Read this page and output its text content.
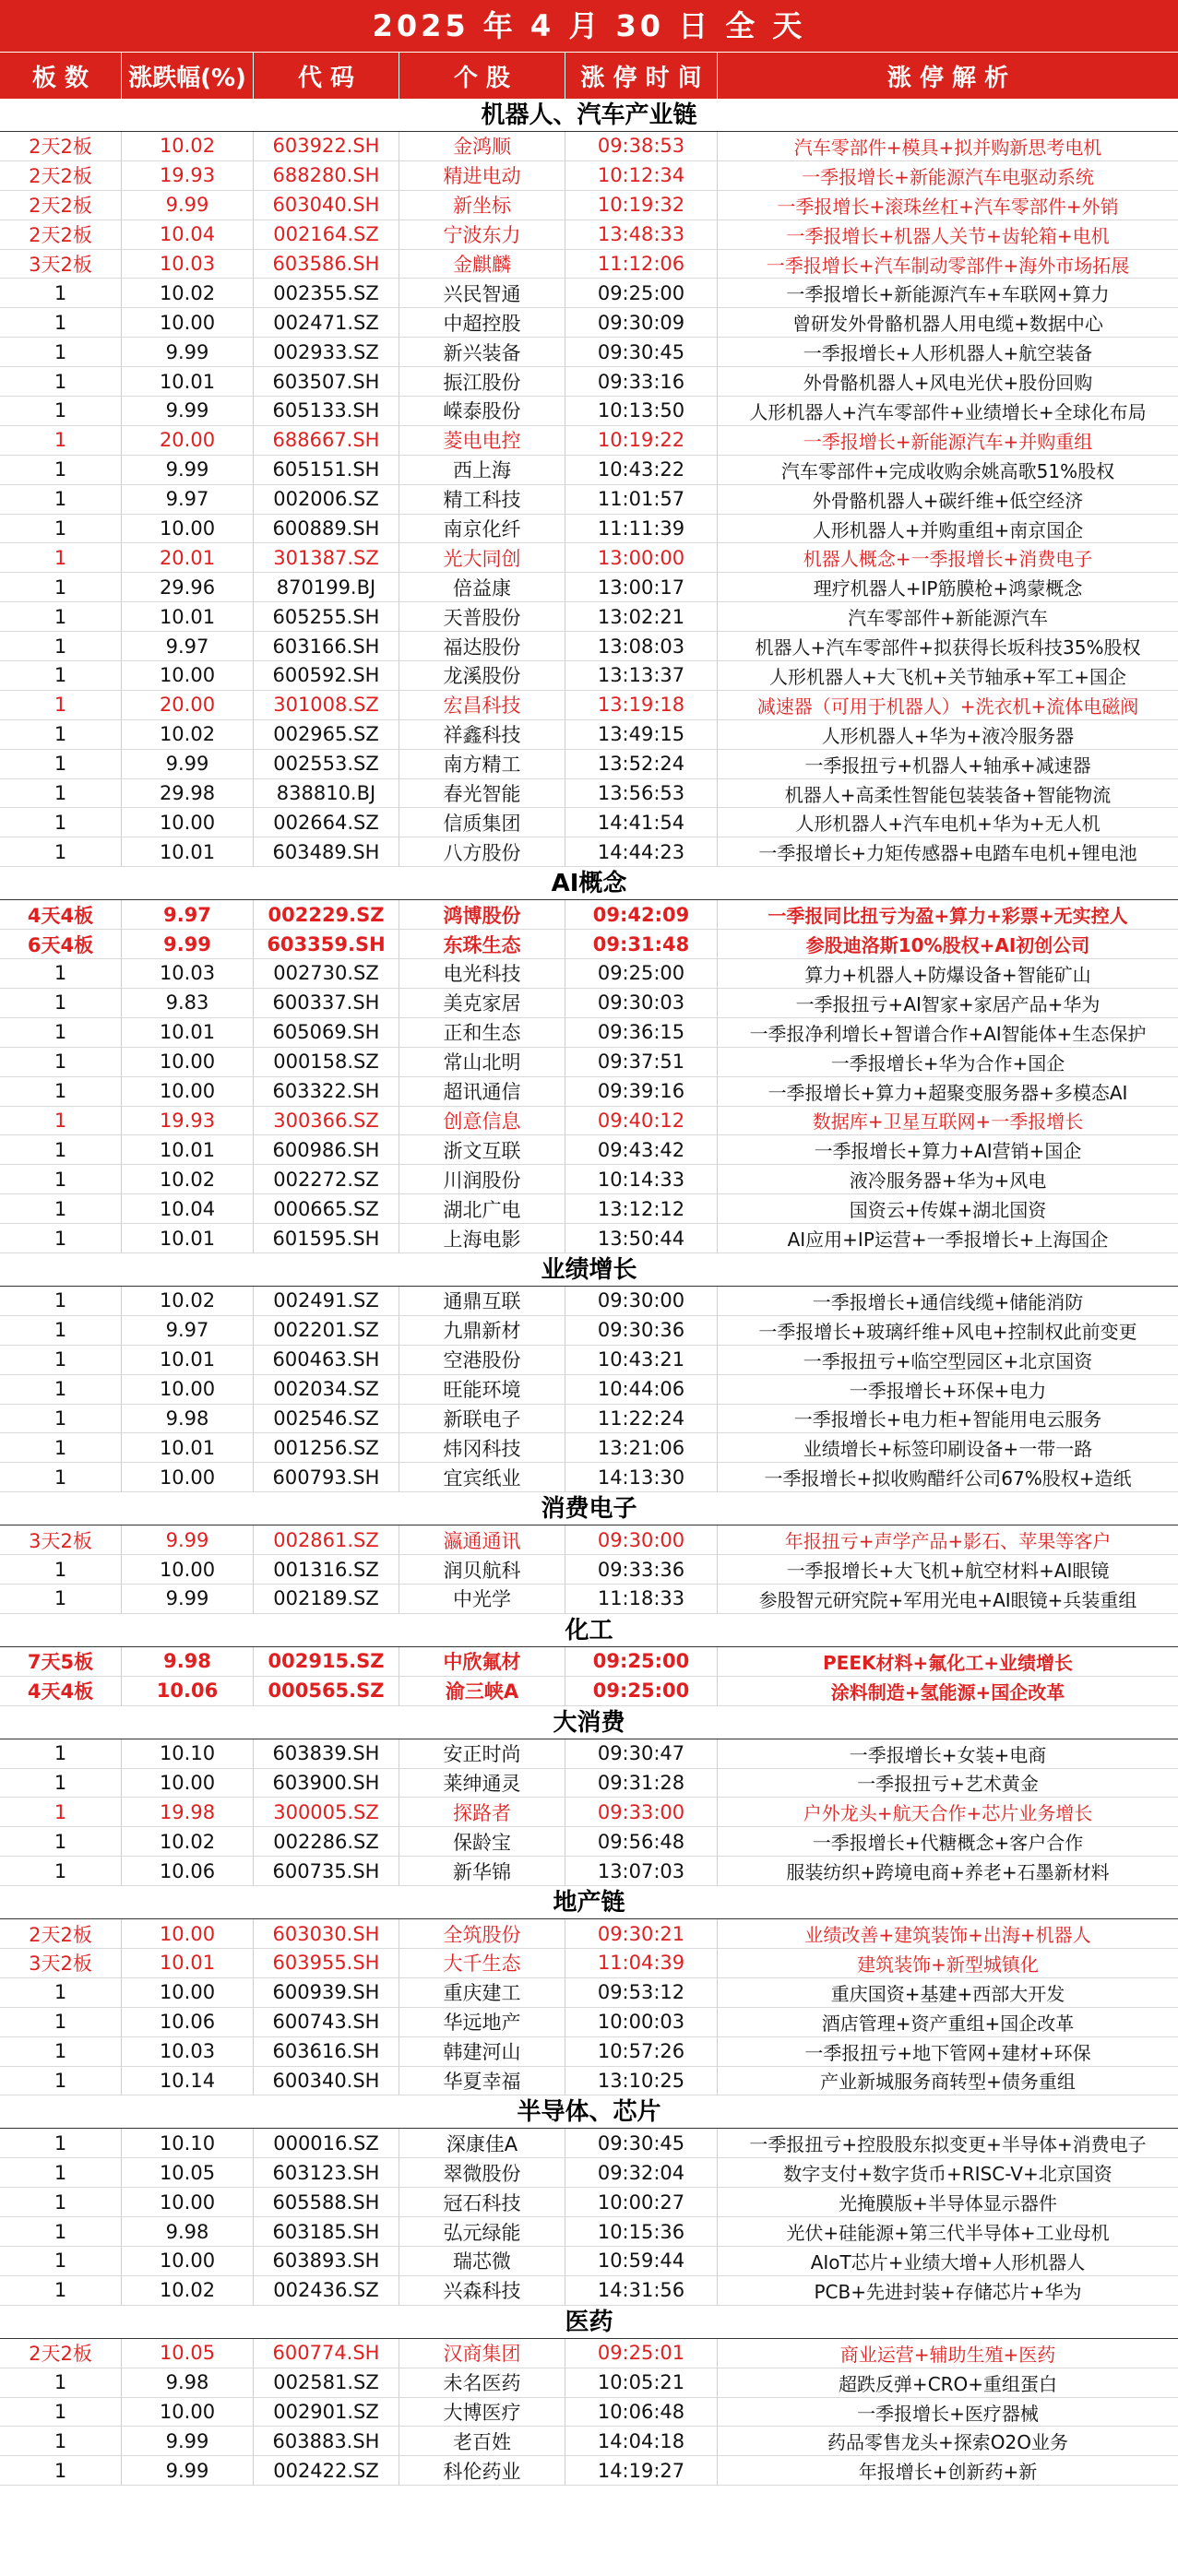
2025 年 4 月 30 日 全 天
板 数	涨跌幅(%)	代 码	个 股	涨 停 时 间	涨 停 解 析
机器人、汽车产业链
2天2板	10.02	603922.SH	金鸿顺	09:38:53	汽车零部件+模具+拟并购新思考电机
2天2板	19.93	688280.SH	精进电动	10:12:34	一季报增长+新能源汽车电驱动系统
2天2板	9.99	603040.SH	新坐标	10:19:32	一季报增长+滚珠丝杠+汽车零部件+外销
2天2板	10.04	002164.SZ	宁波东力	13:48:33	一季报增长+机器人关节+齿轮箱+电机
3天2板	10.03	603586.SH	金麒麟	11:12:06	一季报增长+汽车制动零部件+海外市场拓展
1	10.02	002355.SZ	兴民智通	09:25:00	一季报增长+新能源汽车+车联网+算力
1	10.00	002471.SZ	中超控股	09:30:09	曾研发外骨骼机器人用电缆+数据中心
1	9.99	002933.SZ	新兴装备	09:30:45	一季报增长+人形机器人+航空装备
1	10.01	603507.SH	振江股份	09:33:16	外骨骼机器人+风电光伏+股份回购
1	9.99	605133.SH	嵘泰股份	10:13:50	人形机器人+汽车零部件+业绩增长+全球化布局
1	20.00	688667.SH	菱电电控	10:19:22	一季报增长+新能源汽车+并购重组
1	9.99	605151.SH	西上海	10:43:22	汽车零部件+完成收购余姚高歌51%股权
1	9.97	002006.SZ	精工科技	11:01:57	外骨骼机器人+碳纤维+低空经济
1	10.00	600889.SH	南京化纤	11:11:39	人形机器人+并购重组+南京国企
1	20.01	301387.SZ	光大同创	13:00:00	机器人概念+一季报增长+消费电子
1	29.96	870199.BJ	倍益康	13:00:17	理疗机器人+IP筋膜枪+鸿蒙概念
1	10.01	605255.SH	天普股份	13:02:21	汽车零部件+新能源汽车
1	9.97	603166.SH	福达股份	13:08:03	机器人+汽车零部件+拟获得长坂科技35%股权
1	10.00	600592.SH	龙溪股份	13:13:37	人形机器人+大飞机+关节轴承+军工+国企
1	20.00	301008.SZ	宏昌科技	13:19:18	减速器（可用于机器人）+洗衣机+流体电磁阀
1	10.02	002965.SZ	祥鑫科技	13:49:15	人形机器人+华为+液冷服务器
1	9.99	002553.SZ	南方精工	13:52:24	一季报扭亏+机器人+轴承+减速器
1	29.98	838810.BJ	春光智能	13:56:53	机器人+高柔性智能包装装备+智能物流
1	10.00	002664.SZ	信质集团	14:41:54	人形机器人+汽车电机+华为+无人机
1	10.01	603489.SH	八方股份	14:44:23	一季报增长+力矩传感器+电踏车电机+锂电池
AI概念
4天4板	9.97	002229.SZ	鸿博股份	09:42:09	一季报同比扭亏为盈+算力+彩票+无实控人
6天4板	9.99	603359.SH	东珠生态	09:31:48	参股迪洛斯10%股权+AI初创公司
1	10.03	002730.SZ	电光科技	09:25:00	算力+机器人+防爆设备+智能矿山
1	9.83	600337.SH	美克家居	09:30:03	一季报扭亏+AI智家+家居产品+华为
1	10.01	605069.SH	正和生态	09:36:15	一季报净利增长+智谱合作+AI智能体+生态保护
1	10.00	000158.SZ	常山北明	09:37:51	一季报增长+华为合作+国企
1	10.00	603322.SH	超讯通信	09:39:16	一季报增长+算力+超聚变服务器+多模态AI
1	19.93	300366.SZ	创意信息	09:40:12	数据库+卫星互联网+一季报增长
1	10.01	600986.SH	浙文互联	09:43:42	一季报增长+算力+AI营销+国企
1	10.02	002272.SZ	川润股份	10:14:33	液冷服务器+华为+风电
1	10.04	000665.SZ	湖北广电	13:12:12	国资云+传媒+湖北国资
1	10.01	601595.SH	上海电影	13:50:44	AI应用+IP运营+一季报增长+上海国企
业绩增长
1	10.02	002491.SZ	通鼎互联	09:30:00	一季报增长+通信线缆+储能消防
1	9.97	002201.SZ	九鼎新材	09:30:36	一季报增长+玻璃纤维+风电+控制权此前变更
1	10.01	600463.SH	空港股份	10:43:21	一季报扭亏+临空型园区+北京国资
1	10.00	002034.SZ	旺能环境	10:44:06	一季报增长+环保+电力
1	9.98	002546.SZ	新联电子	11:22:24	一季报增长+电力柜+智能用电云服务
1	10.01	001256.SZ	炜冈科技	13:21:06	业绩增长+标签印刷设备+一带一路
1	10.00	600793.SH	宜宾纸业	14:13:30	一季报增长+拟收购醋纤公司67%股权+造纸
消费电子
3天2板	9.99	002861.SZ	瀛通通讯	09:30:00	年报扭亏+声学产品+影石、苹果等客户
1	10.00	001316.SZ	润贝航科	09:33:36	一季报增长+大飞机+航空材料+AI眼镜
1	9.99	002189.SZ	中光学	11:18:33	参股智元研究院+军用光电+AI眼镜+兵装重组
化工
7天5板	9.98	002915.SZ	中欣氟材	09:25:00	PEEK材料+氟化工+业绩增长
4天4板	10.06	000565.SZ	渝三峡A	09:25:00	涂料制造+氢能源+国企改革
大消费
1	10.10	603839.SH	安正时尚	09:30:47	一季报增长+女装+电商
1	10.00	603900.SH	莱绅通灵	09:31:28	一季报扭亏+艺术黄金
1	19.98	300005.SZ	探路者	09:33:00	户外龙头+航天合作+芯片业务增长
1	10.02	002286.SZ	保龄宝	09:56:48	一季报增长+代糖概念+客户合作
1	10.06	600735.SH	新华锦	13:07:03	服装纺织+跨境电商+养老+石墨新材料
地产链
2天2板	10.00	603030.SH	全筑股份	09:30:21	业绩改善+建筑装饰+出海+机器人
3天2板	10.01	603955.SH	大千生态	11:04:39	建筑装饰+新型城镇化
1	10.00	600939.SH	重庆建工	09:53:12	重庆国资+基建+西部大开发
1	10.06	600743.SH	华远地产	10:00:03	酒店管理+资产重组+国企改革
1	10.03	603616.SH	韩建河山	10:57:26	一季报扭亏+地下管网+建材+环保
1	10.14	600340.SH	华夏幸福	13:10:25	产业新城服务商转型+债务重组
半导体、芯片
1	10.10	000016.SZ	深康佳A	09:30:45	一季报扭亏+控股股东拟变更+半导体+消费电子
1	10.05	603123.SH	翠微股份	09:32:04	数字支付+数字货币+RISC-V+北京国资
1	10.00	605588.SH	冠石科技	10:00:27	光掩膜版+半导体显示器件
1	9.98	603185.SH	弘元绿能	10:15:36	光伏+硅能源+第三代半导体+工业母机
1	10.00	603893.SH	瑞芯微	10:59:44	AIoT芯片+业绩大增+人形机器人
1	10.02	002436.SZ	兴森科技	14:31:56	PCB+先进封装+存储芯片+华为
医药
2天2板	10.05	600774.SH	汉商集团	09:25:01	商业运营+辅助生殖+医药
1	9.98	002581.SZ	未名医药	10:05:21	超跌反弹+CRO+重组蛋白
1	10.00	002901.SZ	大博医疗	10:06:48	一季报增长+医疗器械
1	9.99	603883.SH	老百姓	14:04:18	药品零售龙头+探索O2O业务
1	9.99	002422.SZ	科伦药业	14:19:27	年报增长+创新药+新
